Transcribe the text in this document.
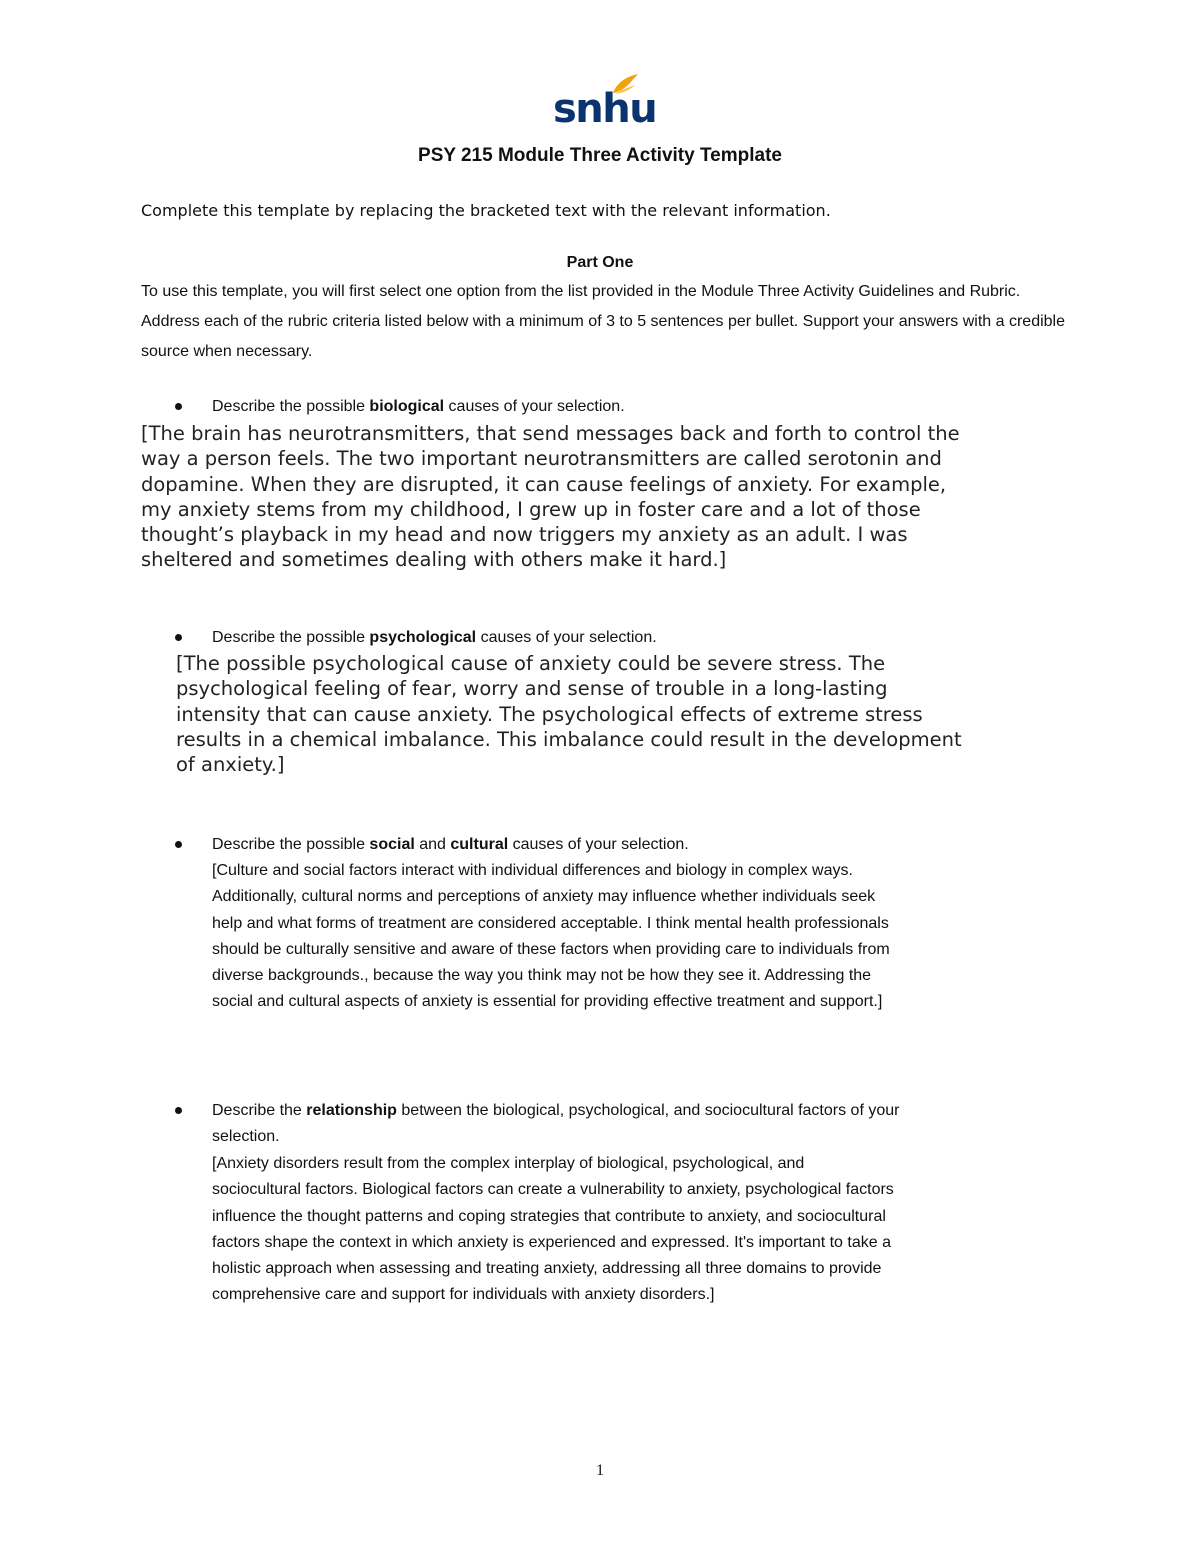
snhu
PSY 215 Module Three Activity Template
Complete this template by replacing the bracketed text with the relevant information.
Part One
To use this template, you will first select one option from the list provided in the Module Three Activity Guidelines and Rubric. Address each of the rubric criteria listed below with a minimum of 3 to 5 sentences per bullet. Support your answers with a credible source when necessary.
Describe the possible biological causes of your selection.
[The brain has neurotransmitters, that send messages back and forth to control the
way a person feels. The two important neurotransmitters are called serotonin and
dopamine. When they are disrupted, it can cause feelings of anxiety. For example,
my anxiety stems from my childhood, I grew up in foster care and a lot of those
thought’s playback in my head and now triggers my anxiety as an adult. I was
sheltered and sometimes dealing with others make it hard.]
Describe the possible psychological causes of your selection.
[The possible psychological cause of anxiety could be severe stress. The
psychological feeling of fear, worry and sense of trouble in a long-lasting
intensity that can cause anxiety. The psychological effects of extreme stress
results in a chemical imbalance. This imbalance could result in the development
of anxiety.]
Describe the possible social and cultural causes of your selection.
[Culture and social factors interact with individual differences and biology in complex ways.
Additionally, cultural norms and perceptions of anxiety may influence whether individuals seek
help and what forms of treatment are considered acceptable. I think mental health professionals
should be culturally sensitive and aware of these factors when providing care to individuals from
diverse backgrounds., because the way you think may not be how they see it. Addressing the
social and cultural aspects of anxiety is essential for providing effective treatment and support.]
Describe the relationship between the biological, psychological, and sociocultural factors of your
selection.
[Anxiety disorders result from the complex interplay of biological, psychological, and
sociocultural factors. Biological factors can create a vulnerability to anxiety, psychological factors
influence the thought patterns and coping strategies that contribute to anxiety, and sociocultural
factors shape the context in which anxiety is experienced and expressed. It's important to take a
holistic approach when assessing and treating anxiety, addressing all three domains to provide
comprehensive care and support for individuals with anxiety disorders.]
1
